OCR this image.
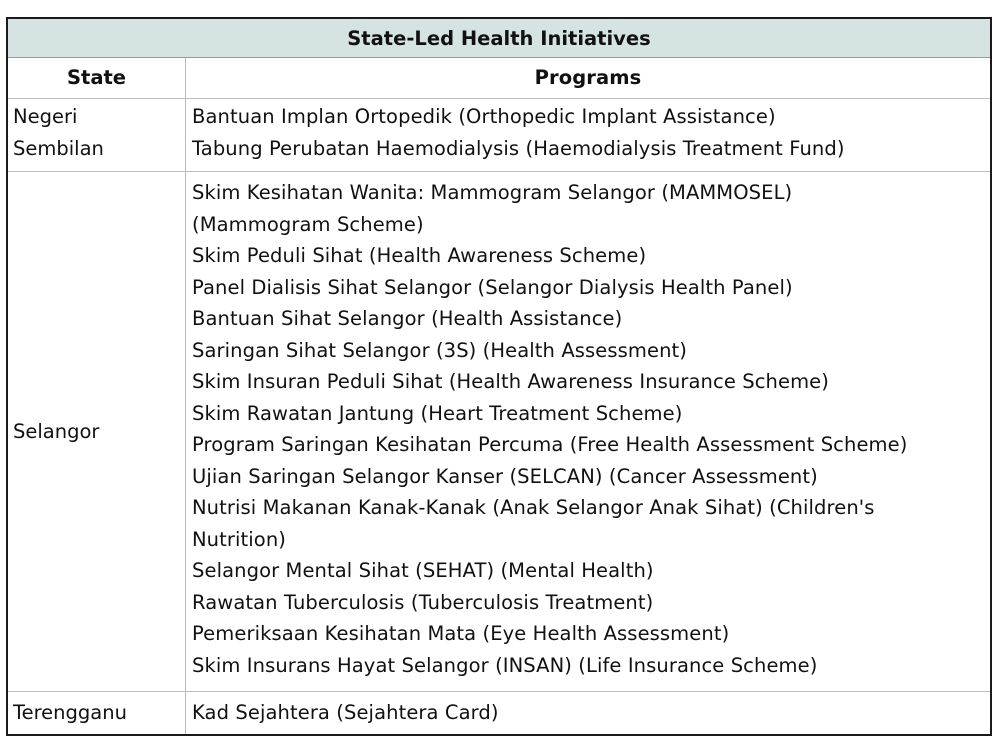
State-Led Health Initiatives
State	Programs
Negeri
Sembilan
Bantuan Implan Ortopedik (Orthopedic Implant Assistance)
Tabung Perubatan Haemodialysis (Haemodialysis Treatment Fund)
Selangor
Skim Kesihatan Wanita: Mammogram Selangor (MAMMOSEL)
(Mammogram Scheme)
Skim Peduli Sihat (Health Awareness Scheme)
Panel Dialisis Sihat Selangor (Selangor Dialysis Health Panel)
Bantuan Sihat Selangor (Health Assistance)
Saringan Sihat Selangor (3S) (Health Assessment)
Skim Insuran Peduli Sihat (Health Awareness Insurance Scheme)
Skim Rawatan Jantung (Heart Treatment Scheme)
Program Saringan Kesihatan Percuma (Free Health Assessment Scheme)
Ujian Saringan Selangor Kanser (SELCAN) (Cancer Assessment)
Nutrisi Makanan Kanak-Kanak (Anak Selangor Anak Sihat) (Children's
Nutrition)
Selangor Mental Sihat (SEHAT) (Mental Health)
Rawatan Tuberculosis (Tuberculosis Treatment)
Pemeriksaan Kesihatan Mata (Eye Health Assessment)
Skim Insurans Hayat Selangor (INSAN) (Life Insurance Scheme)
Terengganu	Kad Sejahtera (Sejahtera Card)
